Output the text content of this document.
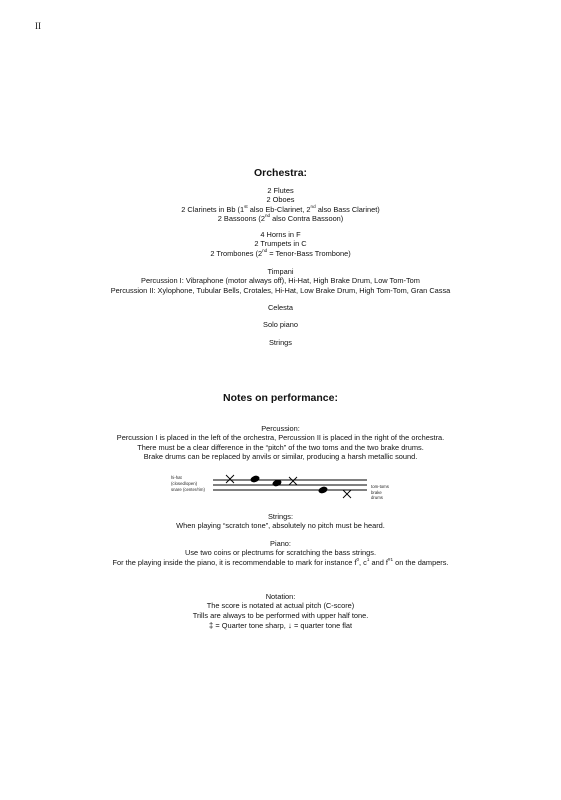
II
Orchestra:

2 Flutes

2 Oboes

2 Clarinets in Bb (1st also Eb-Clarinet, 2nd also Bass Clarinet)

2 Bassoons (2nd also Contra Bassoon)

4 Horns in F

2 Trumpets in C

2 Trombones (2nd = Tenor-Bass Trombone)

Timpani

Percussion I: Vibraphone (motor always off), Hi-Hat, High Brake Drum, Low Tom-Tom

Percussion II: Xylophone, Tubular Bells, Crotales, Hi-Hat, Low Brake Drum, High Tom-Tom, Gran Cassa

Celesta
Solo piano
Strings
Notes on performance:

Percussion:

Percussion I is placed in the left of the orchestra, Percussion II is placed in the right of the orchestra.

There must be a clear difference in the “pitch” of the two toms and the two brake drums.

Brake drums can be replaced by anvils or similar, producing a harsh metallic sound.

hi-hat

(closed/open)

snare (center/rim)

tom-toms

brake

drums

Strings:

When playing “scratch tone”, absolutely no pitch must be heard.

Piano:

Use two coins or plectrums for scratching the bass strings.

For the playing inside the piano, it is recommendable to mark for instance $f^0$, $c^1$ and $f^{\#1}$ on the dampers.

Notation:

The score is notated at actual pitch (C-score)

Trills are always to be performed with upper half tone.

‡ = Quarter tone sharp, ↓ = quarter tone flat
